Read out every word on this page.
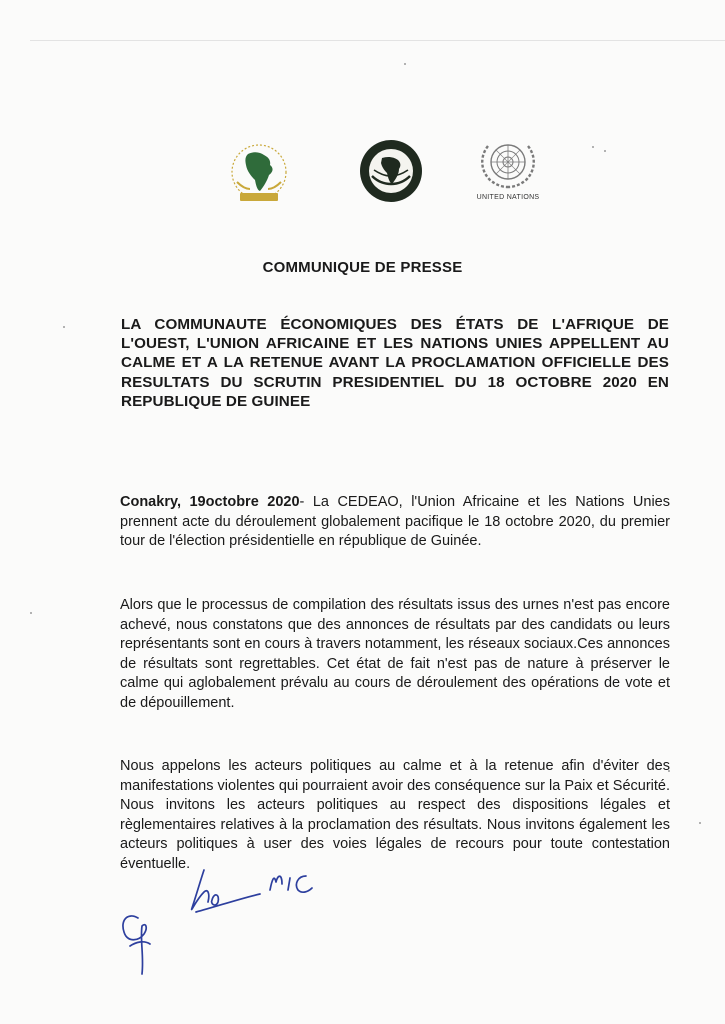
UNITED NATIONS
COMMUNIQUE DE PRESSE
LA COMMUNAUTE ÉCONOMIQUES DES ÉTATS DE L'AFRIQUE DE L'OUEST, L'UNION AFRICAINE ET LES NATIONS UNIES APPELLENT AU CALME ET A LA RETENUE AVANT LA PROCLAMATION OFFICIELLE DES RESULTATS DU SCRUTIN PRESIDENTIEL DU 18 OCTOBRE 2020 EN REPUBLIQUE DE GUINEE
Conakry, 19octobre 2020- La CEDEAO, l'Union Africaine et les Nations Unies prennent acte du déroulement globalement pacifique le 18 octobre 2020, du premier tour de l'élection présidentielle en république de Guinée.
Alors que le processus de compilation des résultats issus des urnes n'est pas encore achevé, nous constatons que des annonces de résultats par des candidats ou leurs représentants sont en cours à travers notamment, les réseaux sociaux.Ces annonces de résultats sont regrettables. Cet état de fait n'est pas de nature à préserver le calme qui aglobalement prévalu au cours de déroulement des opérations de vote et de dépouillement.
Nous appelons les acteurs politiques au calme et à la retenue afin d'éviter des manifestations violentes qui pourraient avoir des conséquence sur la Paix et Sécurité. Nous invitons les acteurs politiques au respect des dispositions légales et règlementaires relatives à la proclamation des résultats. Nous invitons également les acteurs politiques à user des voies légales de recours pour toute contestation éventuelle.
